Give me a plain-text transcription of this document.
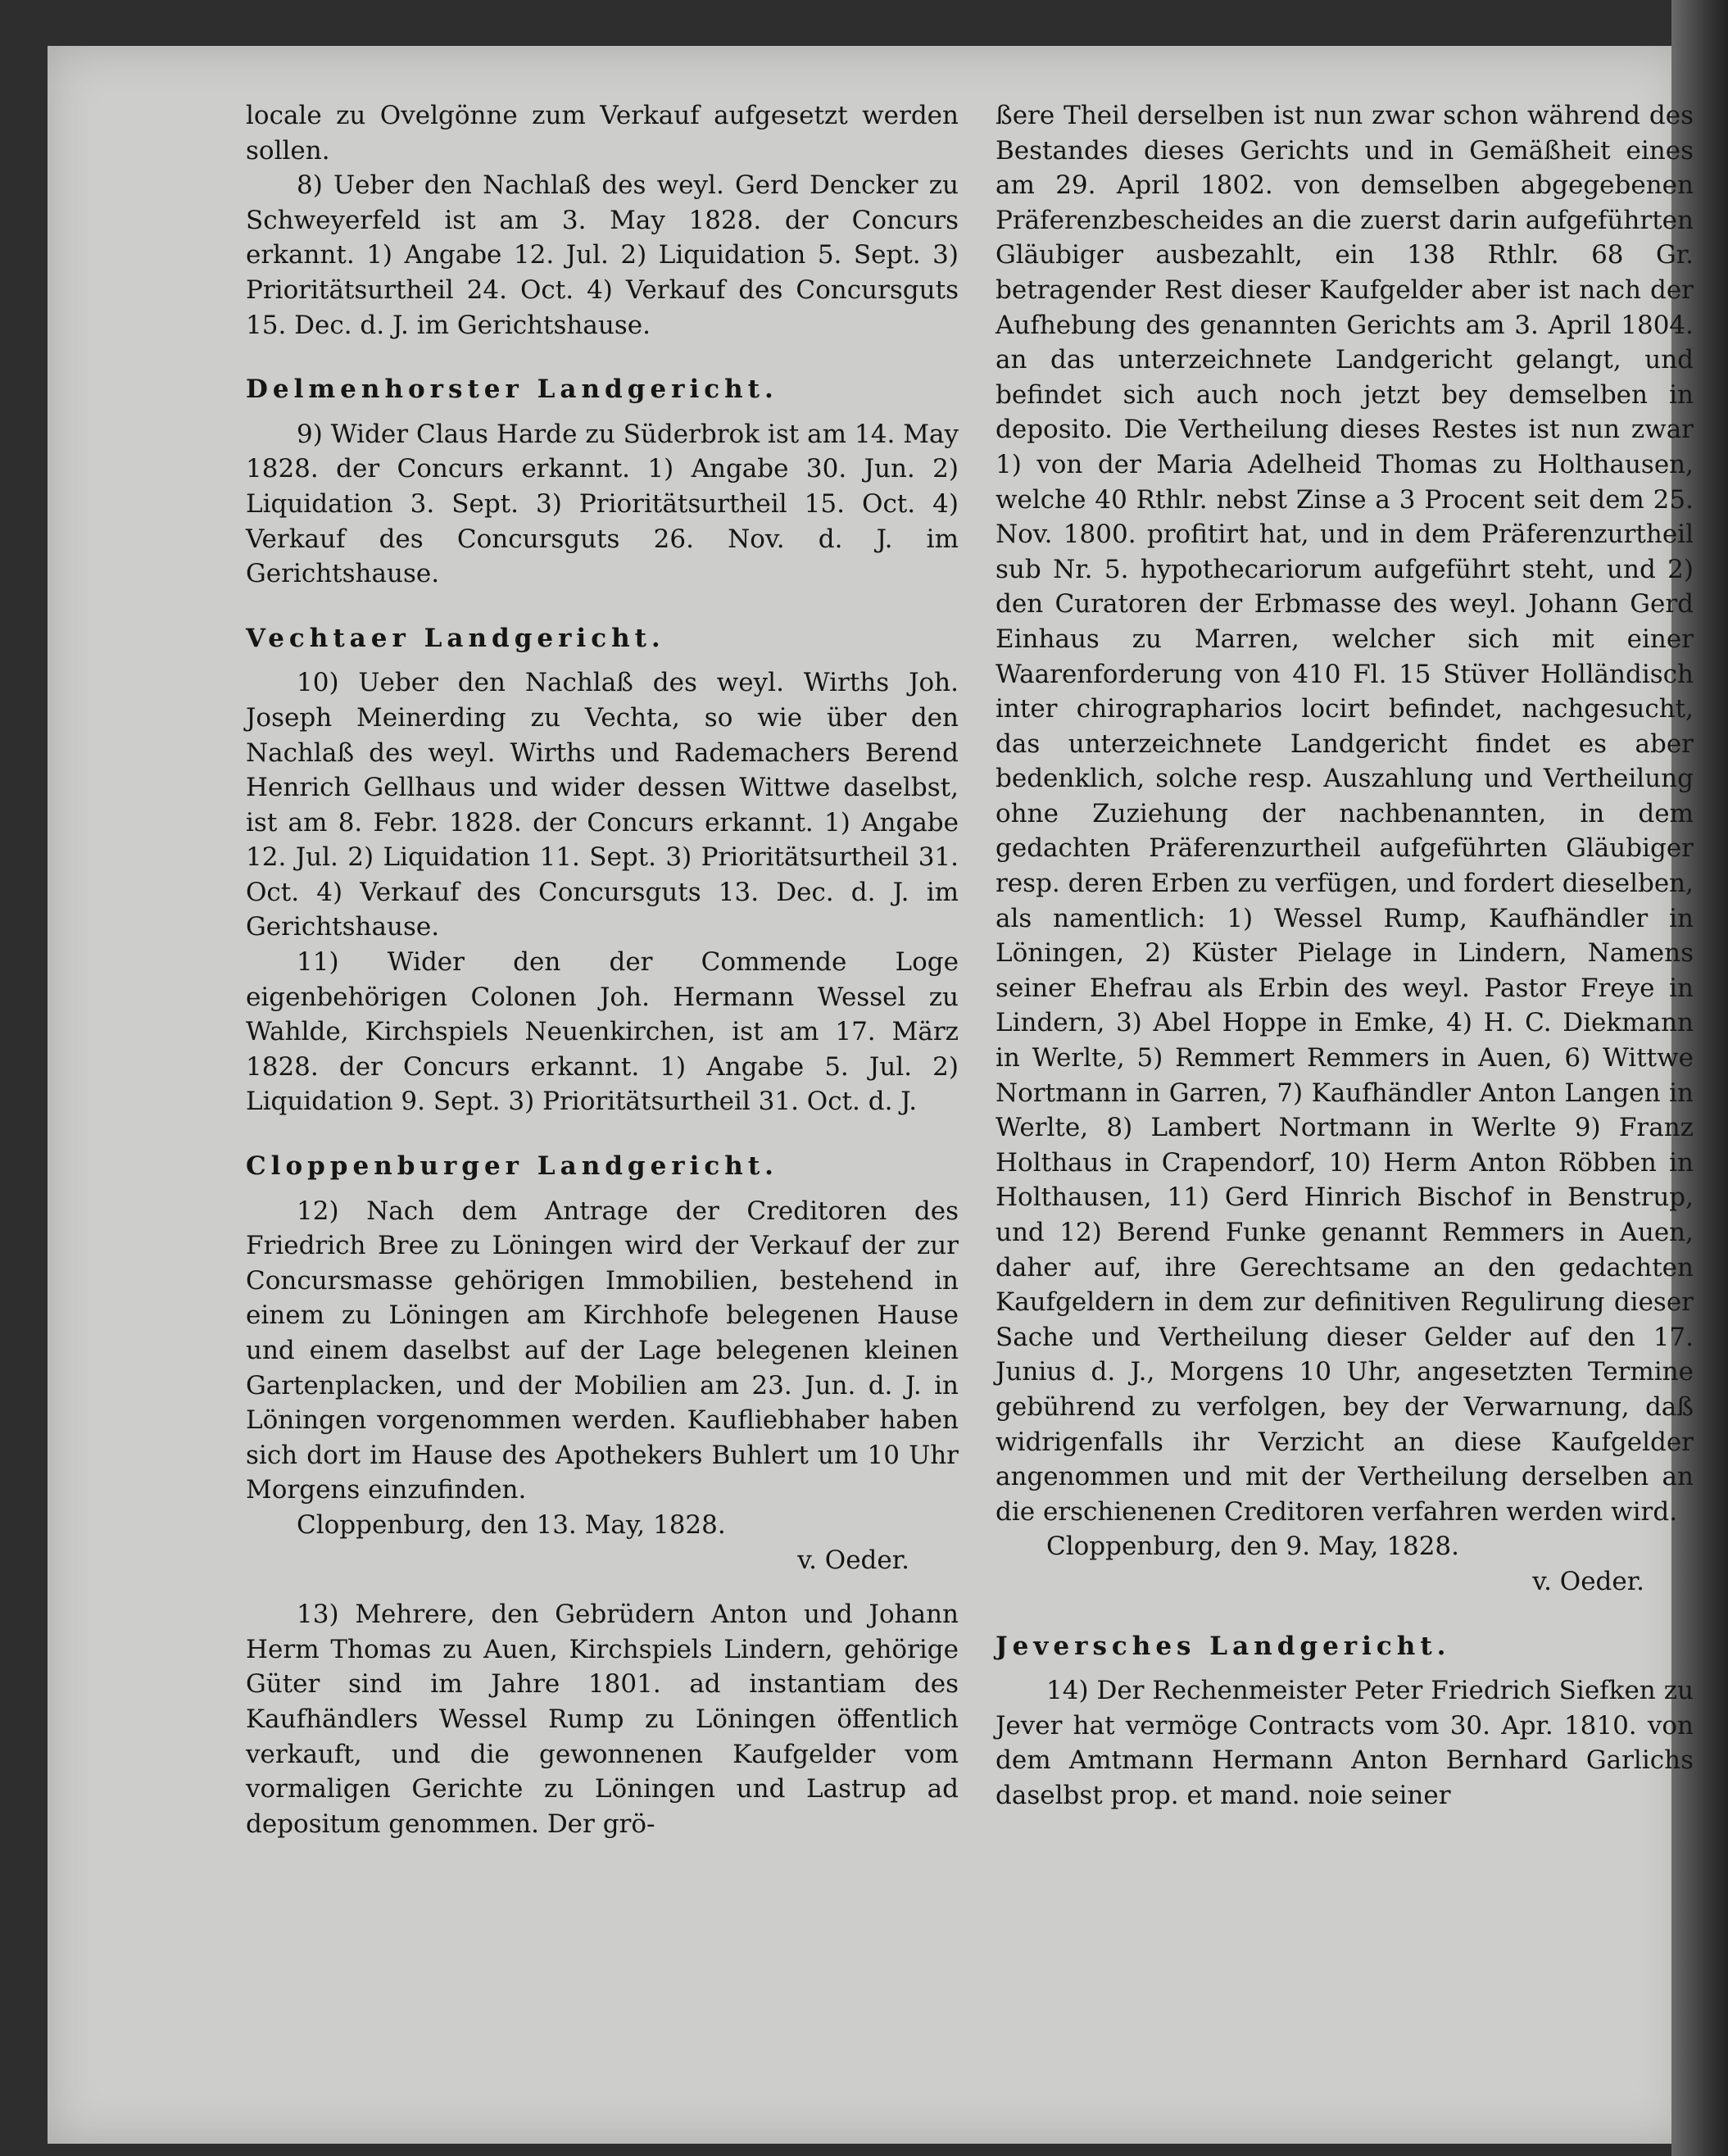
locale zu Ovelgönne zum Verkauf aufgesetzt werden sollen.

8) Ueber den Nachlaß des weyl. Gerd Dencker zu Schweyerfeld ist am 3. May 1828. der Concurs erkannt. 1) Angabe 12. Jul. 2) Liquidation 5. Sept. 3) Prioritätsurtheil 24. Oct. 4) Verkauf des Concursguts 15. Dec. d. J. im Gerichtshause.

Delmenhorster Landgericht.

9) Wider Claus Harde zu Süderbrok ist am 14. May 1828. der Concurs erkannt. 1) Angabe 30. Jun. 2) Liquidation 3. Sept. 3) Prioritätsurtheil 15. Oct. 4) Verkauf des Concursguts 26. Nov. d. J. im Gerichtshause.

Vechtaer Landgericht.

10) Ueber den Nachlaß des weyl. Wirths Joh. Joseph Meinerding zu Vechta, so wie über den Nachlaß des weyl. Wirths und Rademachers Berend Henrich Gellhaus und wider dessen Wittwe daselbst, ist am 8. Febr. 1828. der Concurs erkannt. 1) Angabe 12. Jul. 2) Liquidation 11. Sept. 3) Prioritätsurtheil 31. Oct. 4) Verkauf des Concursguts 13. Dec. d. J. im Gerichtshause.

11) Wider den der Commende Loge eigenbehörigen Colonen Joh. Hermann Wessel zu Wahlde, Kirchspiels Neuenkirchen, ist am 17. März 1828. der Concurs erkannt. 1) Angabe 5. Jul. 2) Liquidation 9. Sept. 3) Prioritätsurtheil 31. Oct. d. J.

Cloppenburger Landgericht.

12) Nach dem Antrage der Creditoren des Friedrich Bree zu Löningen wird der Verkauf der zur Concursmasse gehörigen Immobilien, bestehend in einem zu Löningen am Kirchhofe belegenen Hause und einem daselbst auf der Lage belegenen kleinen Gartenplacken, und der Mobilien am 23. Jun. d. J. in Löningen vorgenommen werden. Kaufliebhaber haben sich dort im Hause des Apothekers Buhlert um 10 Uhr Morgens einzufinden.

Cloppenburg, den 13. May, 1828.

v. Oeder.

13) Mehrere, den Gebrüdern Anton und Johann Herm Thomas zu Auen, Kirchspiels Lindern, gehörige Güter sind im Jahre 1801. ad instantiam des Kaufhändlers Wessel Rump zu Löningen öffentlich verkauft, und die gewonnenen Kaufgelder vom vormaligen Gerichte zu Löningen und Lastrup ad depositum genommen. Der grö-

ßere Theil derselben ist nun zwar schon während des Bestandes dieses Gerichts und in Gemäßheit eines am 29. April 1802. von demselben abgegebenen Präferenzbescheides an die zuerst darin aufgeführten Gläubiger ausbezahlt, ein 138 Rthlr. 68 Gr. betragender Rest dieser Kaufgelder aber ist nach der Aufhebung des genannten Gerichts am 3. April 1804. an das unterzeichnete Landgericht gelangt, und befindet sich auch noch jetzt bey demselben in deposito. Die Vertheilung dieses Restes ist nun zwar 1) von der Maria Adelheid Thomas zu Holthausen, welche 40 Rthlr. nebst Zinse a 3 Procent seit dem 25. Nov. 1800. profitirt hat, und in dem Präferenzurtheil sub Nr. 5. hypothecariorum aufgeführt steht, und 2) den Curatoren der Erbmasse des weyl. Johann Gerd Einhaus zu Marren, welcher sich mit einer Waarenforderung von 410 Fl. 15 Stüver Holländisch inter chirographarios locirt befindet, nachgesucht, das unterzeichnete Landgericht findet es aber bedenklich, solche resp. Auszahlung und Vertheilung ohne Zuziehung der nachbenannten, in dem gedachten Präferenzurtheil aufgeführten Gläubiger resp. deren Erben zu verfügen, und fordert dieselben, als namentlich: 1) Wessel Rump, Kaufhändler in Löningen, 2) Küster Pielage in Lindern, Namens seiner Ehefrau als Erbin des weyl. Pastor Freye in Lindern, 3) Abel Hoppe in Emke, 4) H. C. Diekmann in Werlte, 5) Remmert Remmers in Auen, 6) Wittwe Nortmann in Garren, 7) Kaufhändler Anton Langen in Werlte, 8) Lambert Nortmann in Werlte 9) Franz Holthaus in Crapendorf, 10) Herm Anton Röbben in Holthausen, 11) Gerd Hinrich Bischof in Benstrup, und 12) Berend Funke genannt Remmers in Auen, daher auf, ihre Gerechtsame an den gedachten Kaufgeldern in dem zur definitiven Regulirung dieser Sache und Vertheilung dieser Gelder auf den 17. Junius d. J., Morgens 10 Uhr, angesetzten Termine gebührend zu verfolgen, bey der Verwarnung, daß widrigenfalls ihr Verzicht an diese Kaufgelder angenommen und mit der Vertheilung derselben an die erschienenen Creditoren verfahren werden wird.

Cloppenburg, den 9. May, 1828.

v. Oeder.

Jeversches Landgericht.

14) Der Rechenmeister Peter Friedrich Siefken zu Jever hat vermöge Contracts vom 30. Apr. 1810. von dem Amtmann Hermann Anton Bernhard Garlichs daselbst prop. et mand. noie seiner
